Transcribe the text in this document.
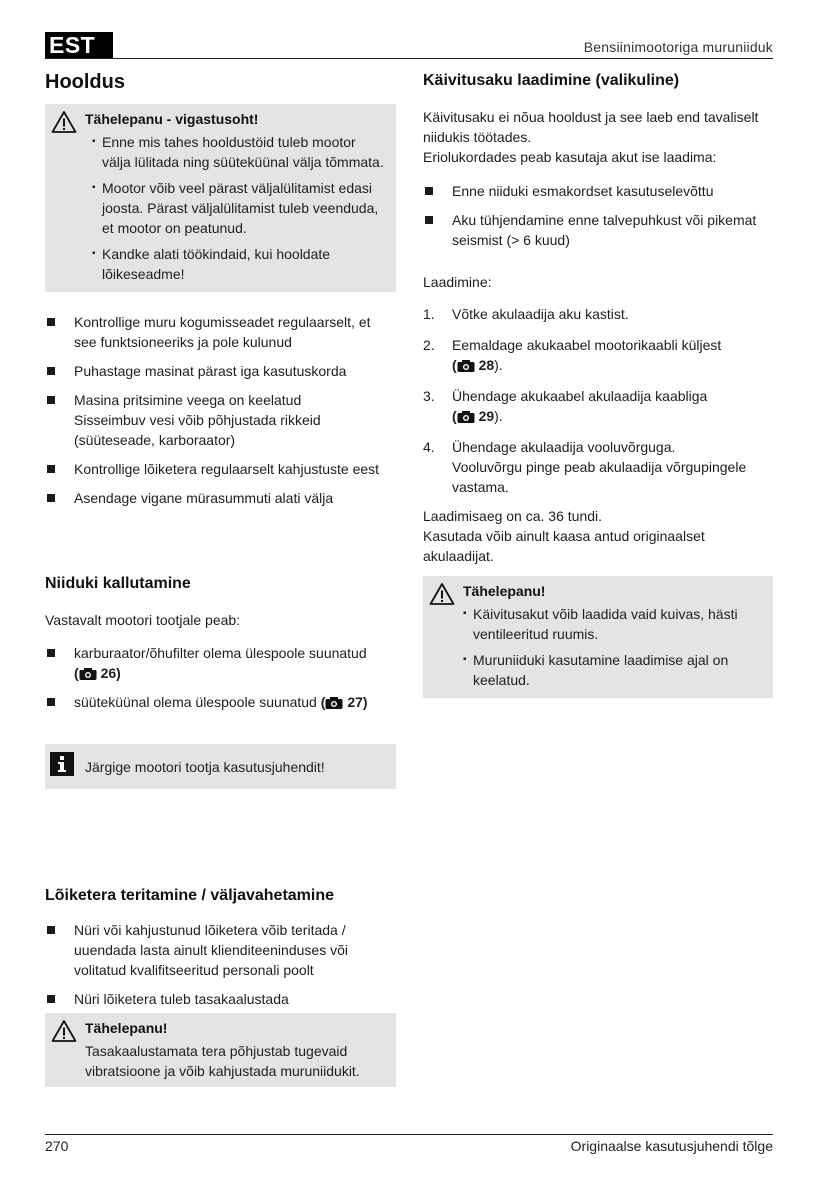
EST	Bensiinimootoriga muruniiduk
Hooldus
Tähelepanu - vigastusoht!
▪ Enne mis tahes hooldustöid tuleb mootor välja lülitada ning süüteküünal välja tõmmata.
▪ Mootor võib veel pärast väljalülitamist edasi joosta. Pärast väljalülitamist tuleb veenduda, et mootor on peatunud.
▪ Kandke alati töökindaid, kui hooldate lõikeseadme!
Kontrollige muru kogumisseadet regulaarselt, et see funktsioneeriks ja pole kulunud
Puhastage masinat pärast iga kasutuskorda
Masina pritsimine veega on keelatud
Sisseimbuv vesi võib põhjustada rikkeid
(süüteseade, karboraator)
Kontrollige lõiketera regulaarselt kahjustuste eest
Asendage vigane mürasummuti alati välja
Niiduki kallutamine

Vastavalt mootori tootjale peab:

karburaator/õhufilter olema ülespoole suunatud
( 26)
süüteküünal olema ülespoole suunatud ( 27)
Järgige mootori tootja kasutusjuhendit!
Lõiketera teritamine / väljavahetamine
Nüri või kahjustunud lõiketera võib teritada / uuendada lasta ainult klienditeeninduses või volitatud kvalifitseeritud personali poolt
Nüri lõiketera tuleb tasakaalustada
Tähelepanu!

Tasakaalustamata tera põhjustab tugevaid vibratsioone ja võib kahjustada muruniidukit.

Käivitusaku laadimine (valikuline)

Käivitusaku ei nõua hooldust ja see laeb end tavaliselt niidukis töötades.

Eriolukordades peab kasutaja akut ise laadima:

Enne niiduki esmakordset kasutuselevõttu
Aku tühjendamine enne talvepuhkust või pikemat seismist (> 6 kuud)

Laadimine:

1. Võtke akulaadija aku kastist.
2. Eemaldage akukaabel mootorikaabli küljest
( 28).
3. Ühendage akukaabel akulaadija kaabliga
( 29).
4. Ühendage akulaadija vooluvõrguga.
Vooluvõrgu pinge peab akulaadija võrgupingele vastama.

Laadimisaeg on ca. 36 tundi.

Kasutada võib ainult kaasa antud originaalset akulaadijat.

Tähelepanu!
▪ Käivitusakut võib laadida vaid kuivas, hästi ventileeritud ruumis.
▪ Muruniiduki kasutamine laadimise ajal on keelatud.
270	Originaalse kasutusjuhendi tõlge
